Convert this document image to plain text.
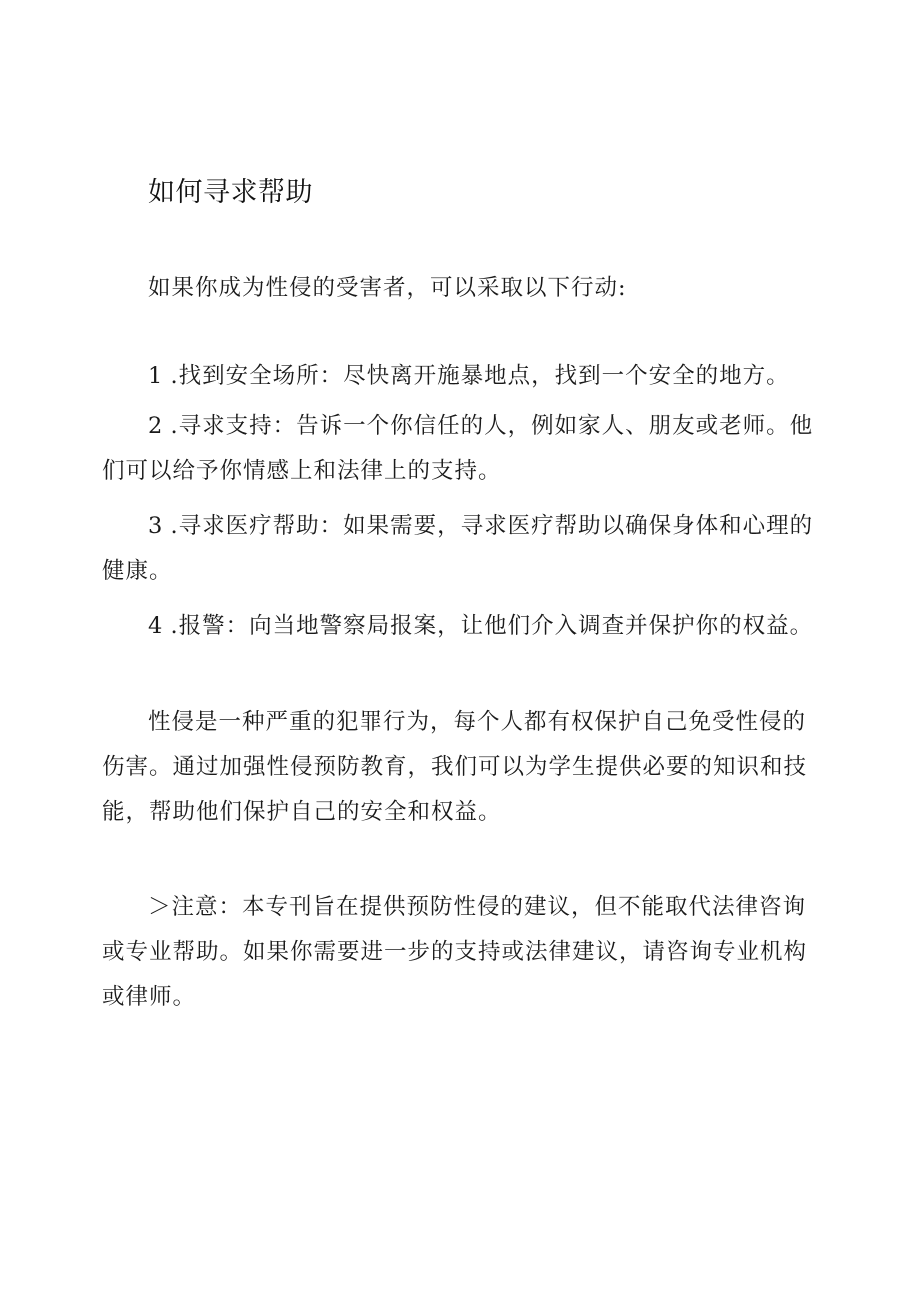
如何寻求帮助

如果你成为性侵的受害者，可以采取以下行动:

1 .找到安全场所：尽快离开施暴地点，找到一个安全的地方。

2 .寻求支持：告诉一个你信任的人，例如家人、朋友或老师。他们可以给予你情感上和法律上的支持。

3 .寻求医疗帮助：如果需要，寻求医疗帮助以确保身体和心理的健康。

4 .报警：向当地警察局报案，让他们介入调查并保护你的权益。

性侵是一种严重的犯罪行为，每个人都有权保护自己免受性侵的伤害。通过加强性侵预防教育，我们可以为学生提供必要的知识和技能，帮助他们保护自己的安全和权益。

＞注意：本专刊旨在提供预防性侵的建议，但不能取代法律咨询或专业帮助。如果你需要进一步的支持或法律建议，请咨询专业机构或律师。
